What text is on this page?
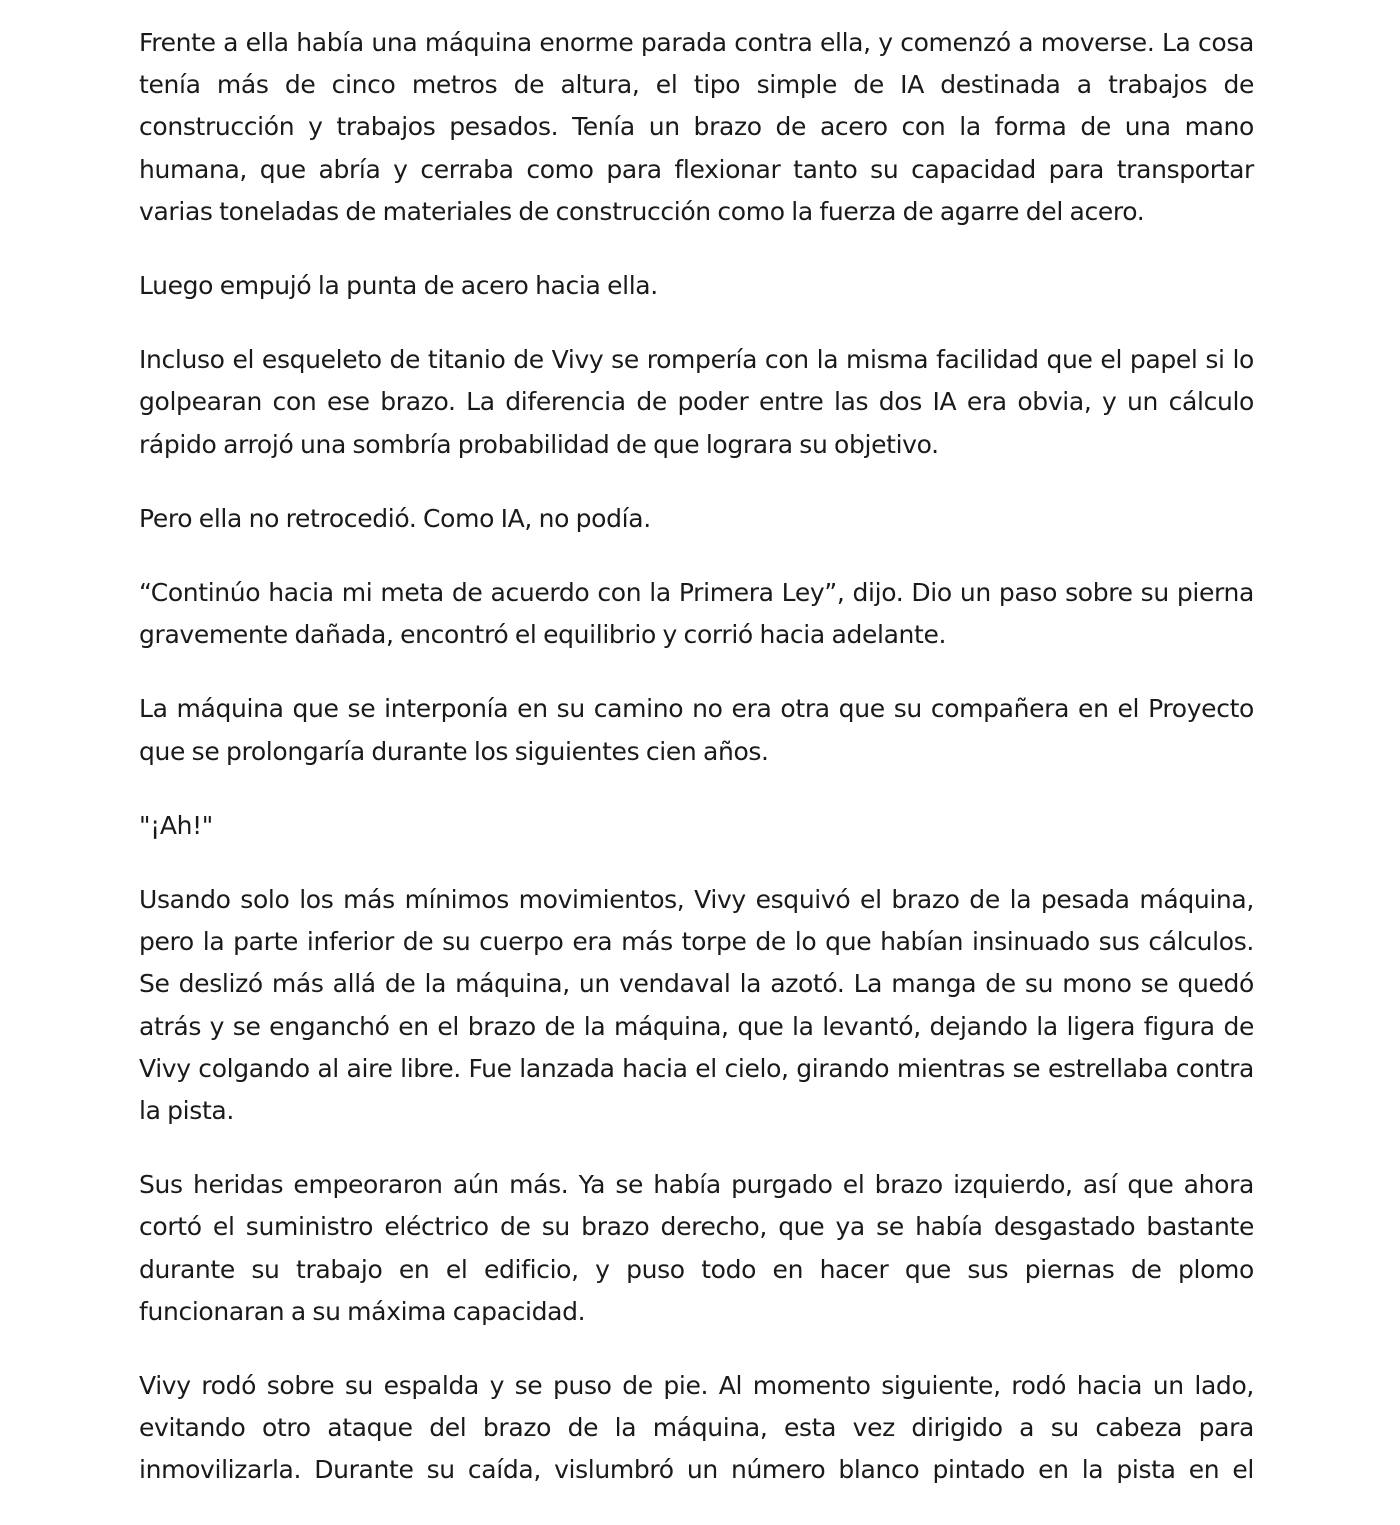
Frente a ella había una máquina enorme parada contra ella, y comenzó a moverse. La cosa tenía más de cinco metros de altura, el tipo simple de IA destinada a trabajos de construcción y trabajos pesados. Tenía un brazo de acero con la forma de una mano humana, que abría y cerraba como para flexionar tanto su capacidad para transportar varias toneladas de materiales de construcción como la fuerza de agarre del acero.

Luego empujó la punta de acero hacia ella.

Incluso el esqueleto de titanio de Vivy se rompería con la misma facilidad que el papel si lo golpearan con ese brazo. La diferencia de poder entre las dos IA era obvia, y un cálculo rápido arrojó una sombría probabilidad de que lograra su objetivo.

Pero ella no retrocedió. Como IA, no podía.

“Continúo hacia mi meta de acuerdo con la Primera Ley”, dijo. Dio un paso sobre su pierna gravemente dañada, encontró el equilibrio y corrió hacia adelante.

La máquina que se interponía en su camino no era otra que su compañera en el Proyecto que se prolongaría durante los siguientes cien años.

"¡Ah!"

Usando solo los más mínimos movimientos, Vivy esquivó el brazo de la pesada máquina, pero la parte inferior de su cuerpo era más torpe de lo que habían insinuado sus cálculos. Se deslizó más allá de la máquina, un vendaval la azotó. La manga de su mono se quedó atrás y se enganchó en el brazo de la máquina, que la levantó, dejando la ligera figura de Vivy colgando al aire libre. Fue lanzada hacia el cielo, girando mientras se estrellaba contra la pista.

Sus heridas empeoraron aún más. Ya se había purgado el brazo izquierdo, así que ahora cortó el suministro eléctrico de su brazo derecho, que ya se había desgastado bastante durante su trabajo en el edificio, y puso todo en hacer que sus piernas de plomo funcionaran a su máxima capacidad.

Vivy rodó sobre su espalda y se puso de pie. Al momento siguiente, rodó hacia un lado, evitando otro ataque del brazo de la máquina, esta vez dirigido a su cabeza para inmovilizarla. Durante su caída, vislumbró un número blanco pintado en la pista en el
